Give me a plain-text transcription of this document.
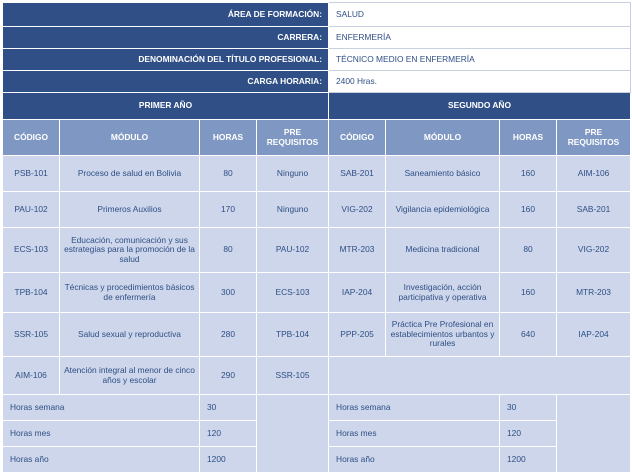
ÁREA DE FORMACIÓN:				SALUD			
CARRERA:				ENFERMERÍA			
DENOMINACIÓN DEL TÍTULO PROFESIONAL:				TÉCNICO MEDIO EN ENFERMERÍA			
CARGA HORARIA:				2400 Hras.			
PRIMER AÑO				SEGUNDO AÑO			
CÓDIGO	MÓDULO	HORAS	PRE REQUISITOS	CÓDIGO	MÓDULO	HORAS	PRE REQUISITOS
PSB-101	Proceso de salud en Bolivia	80	Ninguno	SAB-201	Saneamiento básico	160	AIM-106
PAU-102	Primeros Auxilios	170	Ninguno	VIG-202	Vigilancia epidemiológica	160	SAB-201
ECS-103	Educación, comunicación y sus estrategias para la promoción de la salud	80	PAU-102	MTR-203	Medicina tradicional	80	VIG-202
TPB-104	Técnicas y procedimientos básicos de enfermería	300	ECS-103	IAP-204	Investigación, acción participativa y operativa	160	MTR-203
SSR-105	Salud sexual y reproductiva	280	TPB-104	PPP-205	Práctica Pre Profesional en establecimientos urbantos y rurales	640	IAP-204
AIM-106	Atención integral al menor de cinco años y escolar	290	SSR-105				
Horas semana		30		Horas semana		30	
Horas mes		120		Horas mes		120	
Horas año		1200		Horas año		1200	
